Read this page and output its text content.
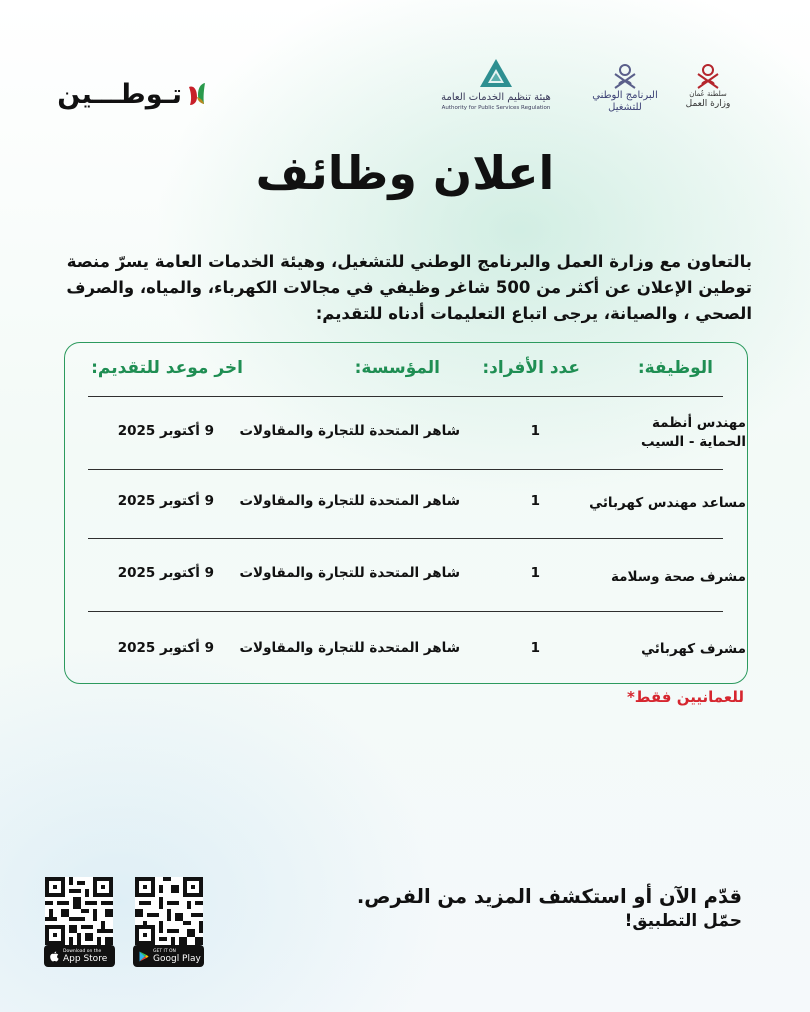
تـوطـــين	هيئة تنظيم الخدمات العامة
Authority for Public Services Regulation
البرنامج الوطني
للتشغيل
سلطنة عُمان
وزارة العمل
اعلان وظائف
بالتعاون مع وزارة العمل والبرنامج الوطني للتشغيل، وهيئة الخدمات العامة يسرّ منصة توطين الإعلان عن أكثر من 500 شاغر وظيفي في مجالات الكهرباء، والمياه، والصرف الصحي ، والصيانة، يرجى اتباع التعليمات أدناه للتقديم:
الوظيفة:
عدد الأفراد:
المؤسسة:
اخر موعد للتقديم:
مهندس أنظمة
الحماية - السيب
1
شاهر المتحدة للتجارة والمقاولات
9 أكتوبر 2025
مساعد مهندس كهربائي
1
شاهر المتحدة للتجارة والمقاولات
9 أكتوبر 2025
مشرف صحة وسلامة
1
شاهر المتحدة للتجارة والمقاولات
9 أكتوبر 2025
مشرف كهربائي
1
شاهر المتحدة للتجارة والمقاولات
9 أكتوبر 2025
للعمانيين فقط*
قدّم الآن أو استكشف المزيد من الفرص.
حمّل التطبيق!
Download on the
App Store
GET IT ON
Googl Play
